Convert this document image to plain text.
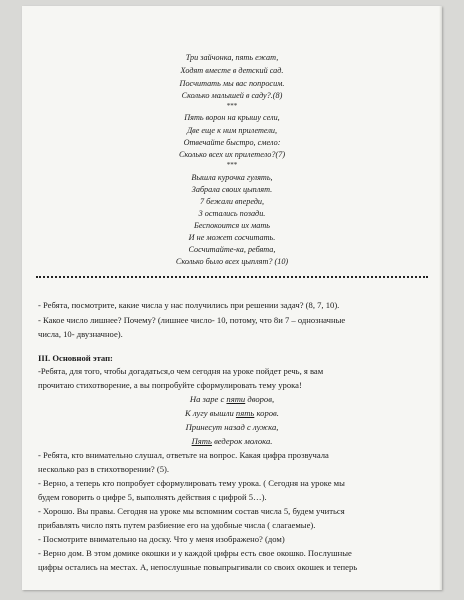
Три зайчонка, пять ежат,
Ходят вместе в детский сад.
Посчитать мы вас попросим.
Сколько малышей в саду?.(8)
***
Пять ворон на крышу сели,
Две еще к ним прилетели,
Отвечайте быстро, смело:
Сколько всех их прилетело?(7)
***
Вышла курочка гулять,
Забрала своих цыплят.
7 бежали впереди,
3 остались позади.
Беспокоится их мать
И не может сосчитать.
Сосчитайте-ка, ребята,
Сколько было всех цыплят? (10)
- Ребята, посмотрите, какие числа у нас получились при решении задач? (8, 7, 10).
- Какое число лишнее? Почему? (лишнее число- 10, потому, что 8и 7 – однозначные
числа, 10- двузначное).
III. Основной этап:
-Ребята, для того, чтобы догадаться,о чем сегодня на уроке пойдет речь, я вам
прочитаю стихотворение, а вы попробуйте сформулировать тему урока!
На заре с пяти дворов,
К лугу вышли пять коров.
Принесут назад с лужка,
Пять ведерок молока.
- Ребята, кто внимательно слушал, ответьте на вопрос. Какая цифра прозвучала
несколько раз в стихотворении? (5).
- Верно, а теперь кто попробует сформулировать тему урока. ( Сегодня на уроке мы
будем говорить о цифре 5, выполнять действия с цифрой 5…).
- Хорошо. Вы правы. Сегодня на уроке мы вспомним состав числа 5, будем учиться
прибавлять число пять путем разбиение его на удобные числа ( слагаемые).
- Посмотрите внимательно на доску. Что у меня изображено? (дом)
- Верно дом. В этом домике окошки и у каждой цифры есть свое окошко. Послушные
цифры остались на местах. А, непослушные повыпрыгивали со своих окошек и теперь
